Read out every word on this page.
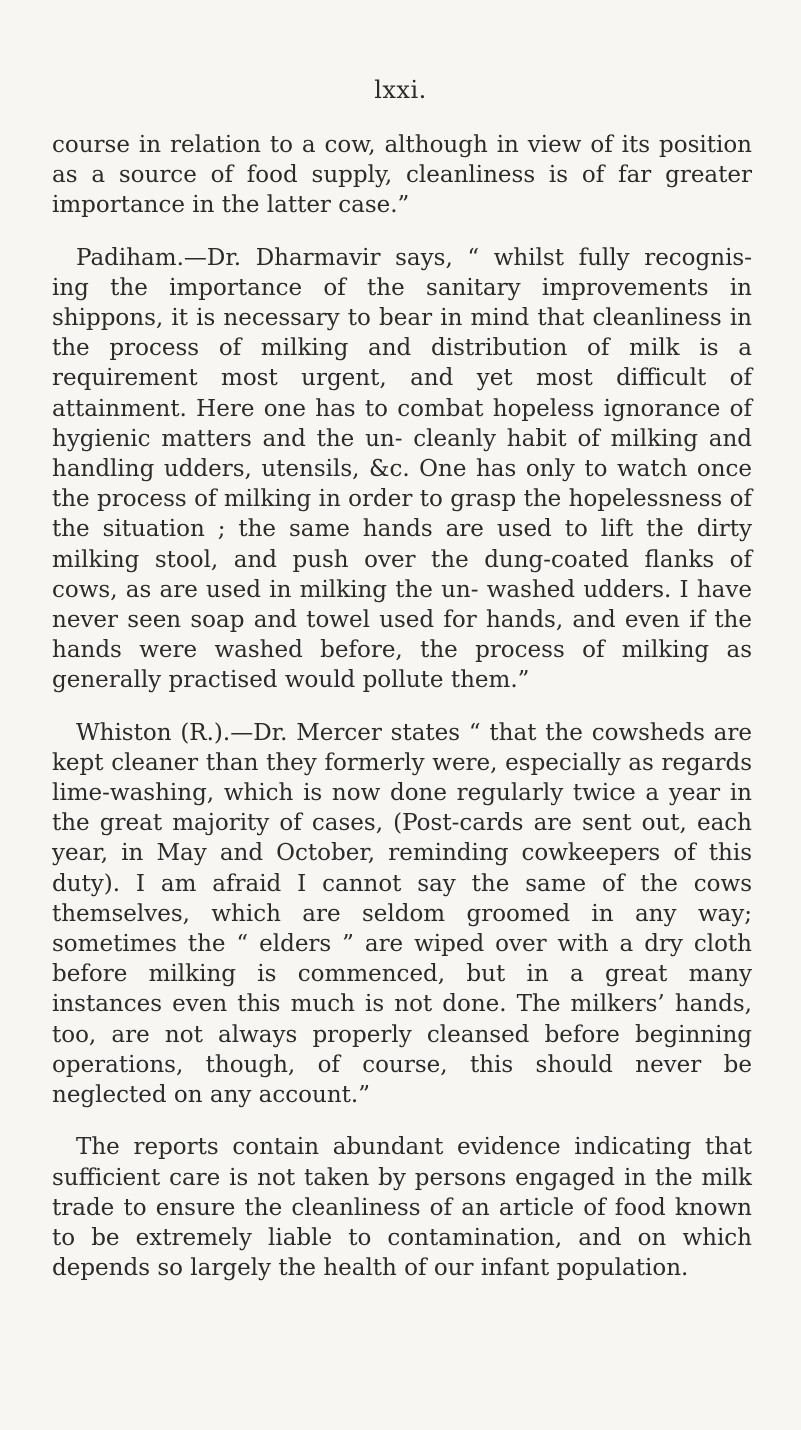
lxxi.

course in relation to a cow, although in view of its position as a source of food supply, cleanliness is of far greater importance in the latter case.”

Padiham.—Dr. Dharmavir says, “ whilst fully recognis- ing the importance of the sanitary improvements in shippons, it is necessary to bear in mind that cleanliness in the process of milking and distribution of milk is a requirement most urgent, and yet most difficult of attainment. Here one has to combat hopeless ignorance of hygienic matters and the un- cleanly habit of milking and handling udders, utensils, &c. One has only to watch once the process of milking in order to grasp the hopelessness of the situation ; the same hands are used to lift the dirty milking stool, and push over the dung-coated flanks of cows, as are used in milking the un- washed udders. I have never seen soap and towel used for hands, and even if the hands were washed before, the process of milking as generally practised would pollute them.”

Whiston (R.).—Dr. Mercer states “ that the cowsheds are kept cleaner than they formerly were, especially as regards lime-washing, which is now done regularly twice a year in the great majority of cases, (Post-cards are sent out, each year, in May and October, reminding cowkeepers of this duty). I am afraid I cannot say the same of the cows themselves, which are seldom groomed in any way; sometimes the “ elders ” are wiped over with a dry cloth before milking is commenced, but in a great many instances even this much is not done. The milkers’ hands, too, are not always properly cleansed before beginning operations, though, of course, this should never be neglected on any account.”

The reports contain abundant evidence indicating that sufficient care is not taken by persons engaged in the milk trade to ensure the cleanliness of an article of food known to be extremely liable to contamination, and on which depends so largely the health of our infant population.
